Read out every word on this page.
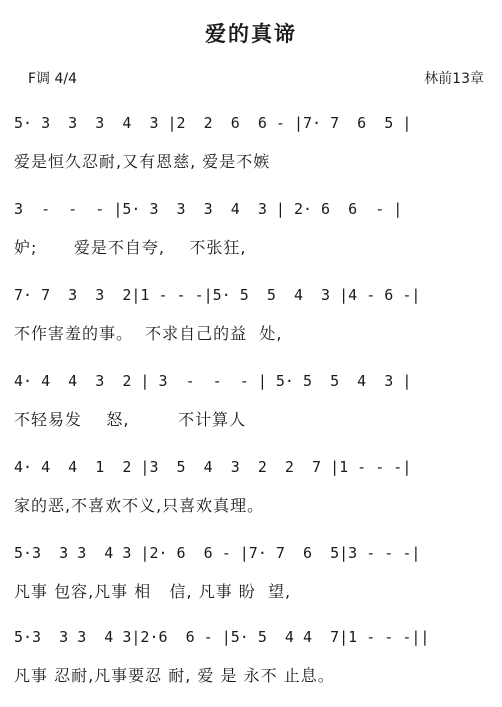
爱的真谛
F调 4/4	林前13章
5· 3  3  3  4  3 |2  2  6  6 - |7· 7  6  5 |
爱是恒久忍耐,又有恩慈, 爱是不嫉
3  -  -  - |5· 3  3  3  4  3 | 2· 6  6  - |
妒;      爱是不自夸,    不张狂,
7· 7  3  3  2|1 - - -|5· 5  5  4  3 |4 - 6 -|
不作害羞的事。  不求自己的益  处,
4· 4  4  3  2 | 3  -  -  - | 5· 5  5  4  3 |
不轻易发    怒,        不计算人
4· 4  4  1  2 |3  5  4  3  2  2  7 |1 - - -|
家的恶,不喜欢不义,只喜欢真理。
5·3  3 3  4 3 |2· 6  6 - |7· 7  6  5|3 - - -|
凡事 包容,凡事 相   信, 凡事 盼  望,
5·3  3 3  4 3|2·6  6 - |5· 5  4 4  7|1 - - -||
凡事 忍耐,凡事要忍 耐, 爱 是 永不 止息。
